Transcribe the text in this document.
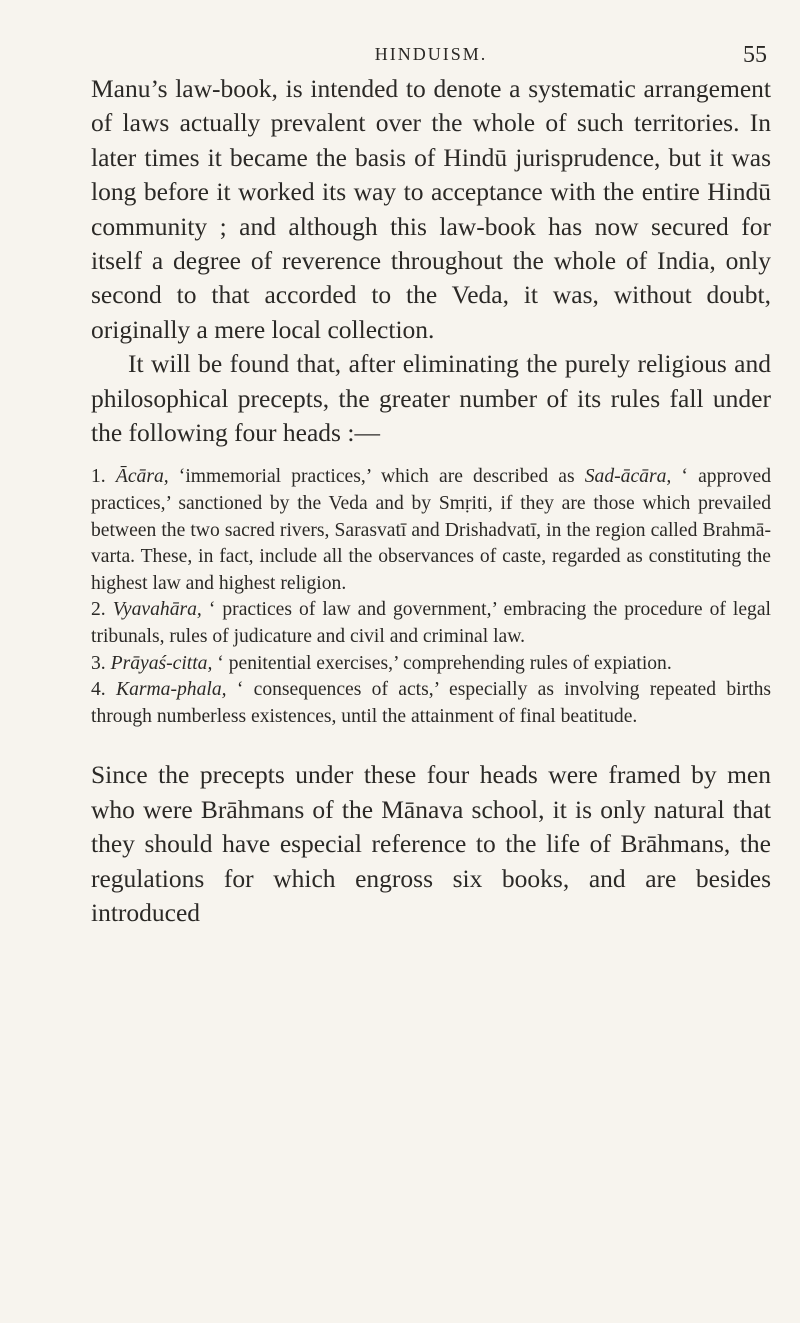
HINDUISM.	55

Manu’s law-book, is intended to denote a systematic arrangement of laws actually prevalent over the whole of such territories. In later times it became the basis of Hindū jurisprudence, but it was long before it worked its way to acceptance with the entire Hindū community ; and although this law-book has now secured for itself a degree of reverence throughout the whole of India, only second to that accorded to the Veda, it was, without doubt, originally a mere local collection.

It will be found that, after eliminating the purely religious and philosophical precepts, the greater number of its rules fall under the following four heads :—

1. Ācāra, ‘immemorial practices,’ which are described as Sad-ācāra, ‘ approved practices,’ sanctioned by the Veda and by Smṛiti, if they are those which prevailed between the two sacred rivers, Sarasvatī and Drishadvatī, in the region called Brahmā-varta. These, in fact, include all the observances of caste, regarded as constituting the highest law and highest religion.

2. Vyavahāra, ‘ practices of law and government,’ embracing the procedure of legal tribunals, rules of judicature and civil and criminal law.

3. Prāyaś-citta, ‘ penitential exercises,’ comprehending rules of expiation.

4. Karma-phala, ‘ consequences of acts,’ especially as involving repeated births through numberless existences, until the attainment of final beatitude.

Since the precepts under these four heads were framed by men who were Brāhmans of the Mānava school, it is only natural that they should have especial reference to the life of Brāhmans, the regulations for which engross six books, and are besides introduced
